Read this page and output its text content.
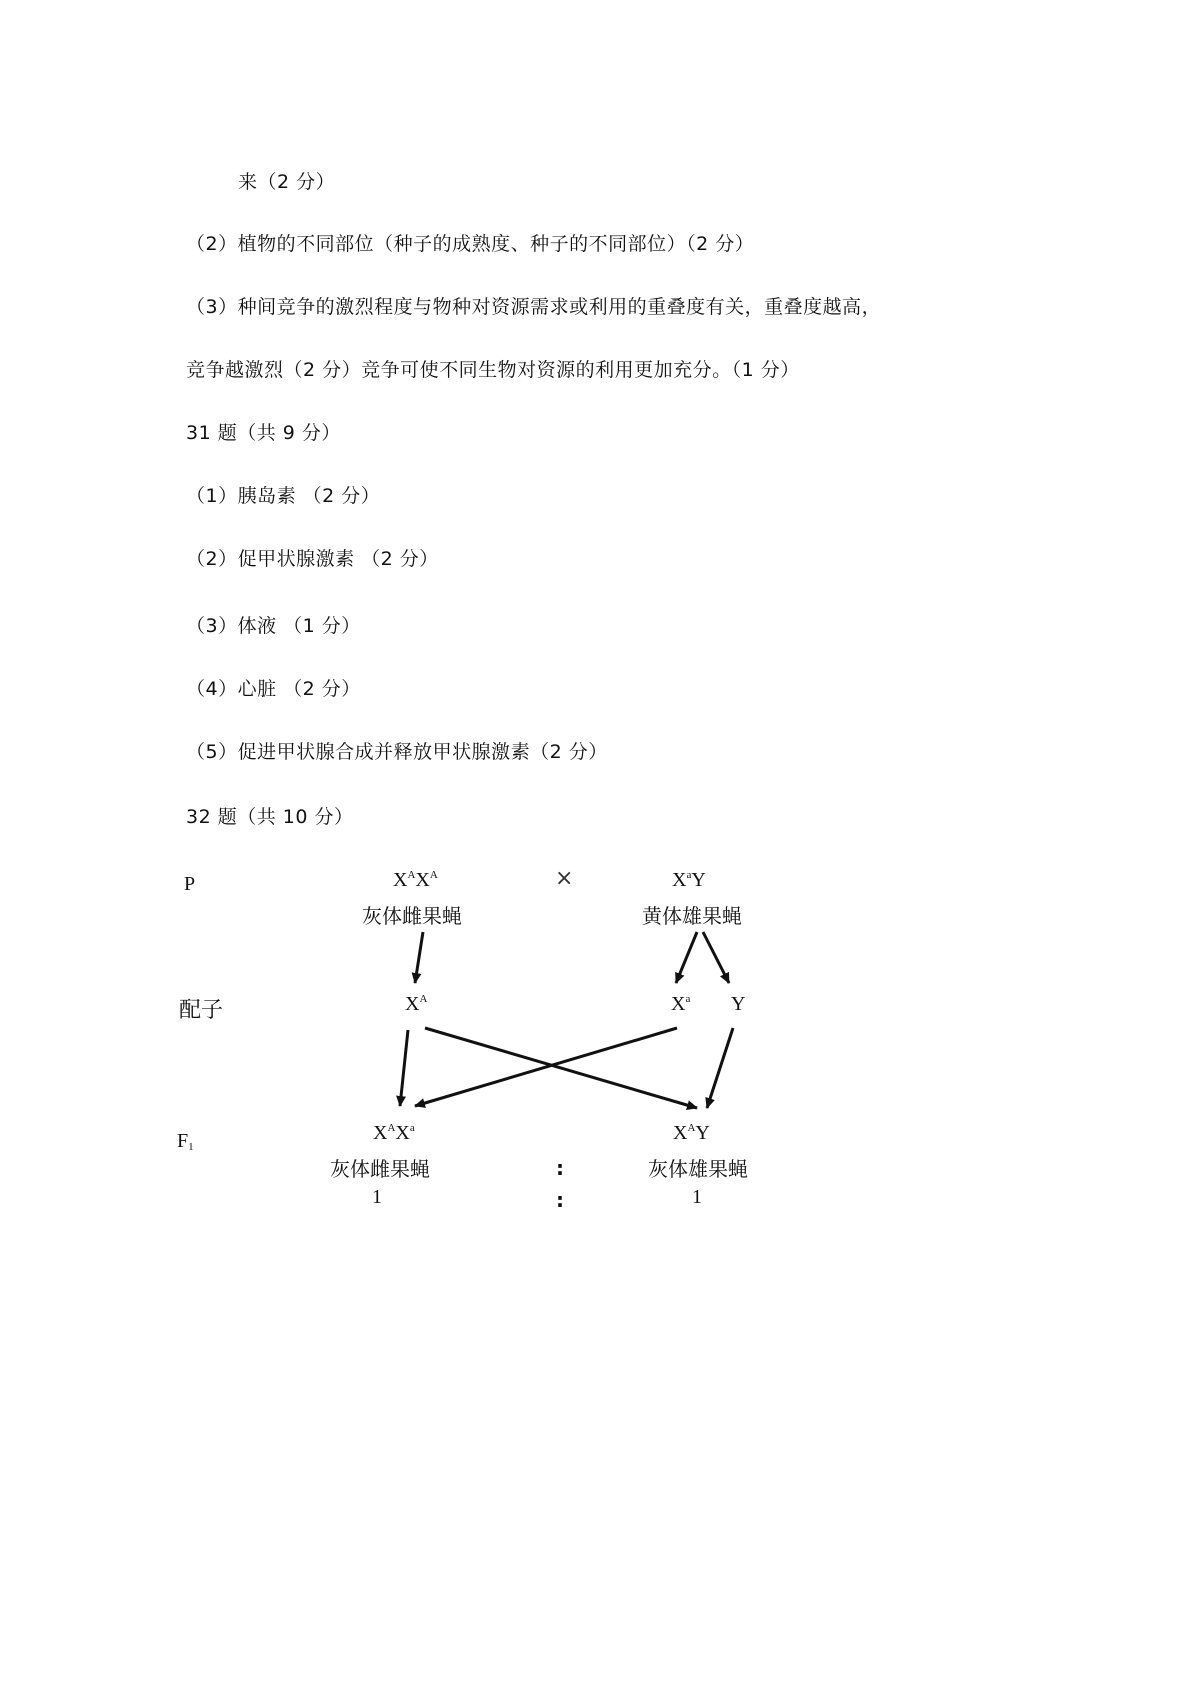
来（2 分）
（2）植物的不同部位（种子的成熟度、种子的不同部位）（2 分）
（3）种间竞争的激烈程度与物种对资源需求或利用的重叠度有关，重叠度越高，
竞争越激烈（2 分）竞争可使不同生物对资源的利用更加充分。（1 分）
31 题（共 9 分）
（1）胰岛素 （2 分）
（2）促甲状腺激素 （2 分）
（3）体液 （1 分）
（4）心脏 （2 分）
（5）促进甲状腺合成并释放甲状腺激素（2 分）
32 题（共 10 分）
P
配子
$F_1$
$X^AX^A$
灰体雌果蝇
×	$X^aY$
黄体雄果蝇
$X^A$	$X^a$ Y
$X^AX^a$
灰体雌果蝇
1
:
:
$X^AY$
灰体雄果蝇
1
